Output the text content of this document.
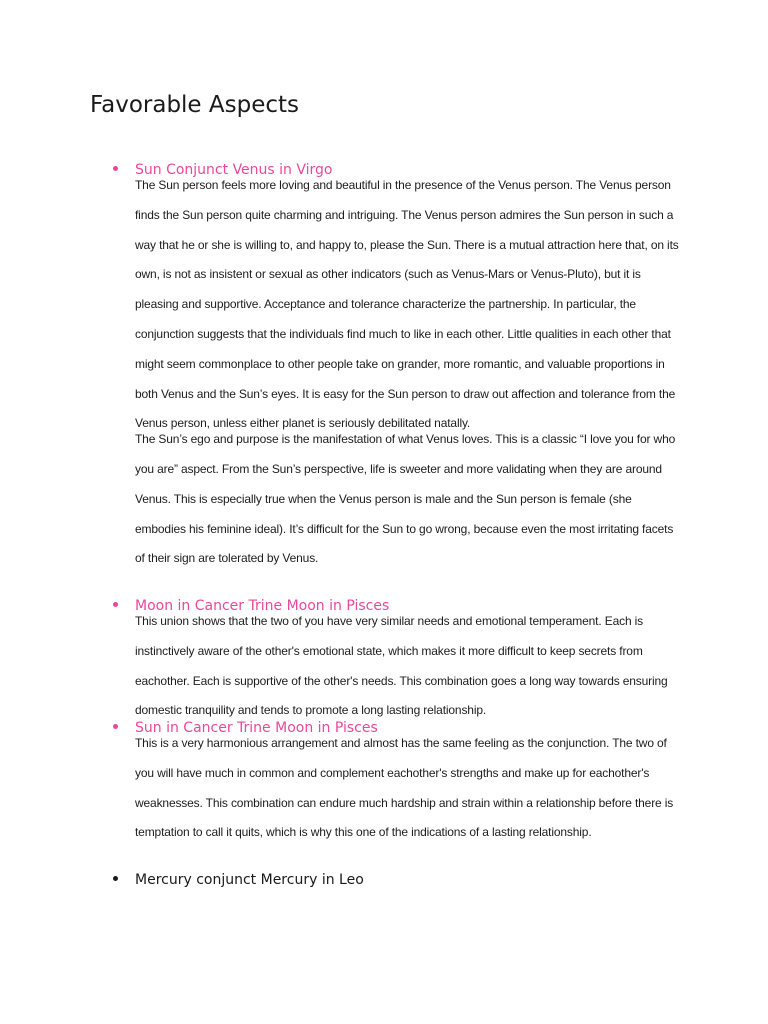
Favorable Aspects
Sun Conjunct Venus in Virgo

The Sun person feels more loving and beautiful in the presence of the Venus person. The Venus person finds the Sun person quite charming and intriguing. The Venus person admires the Sun person in such a way that he or she is willing to, and happy to, please the Sun. There is a mutual attraction here that, on its own, is not as insistent or sexual as other indicators (such as Venus-Mars or Venus-Pluto), but it is pleasing and supportive. Acceptance and tolerance characterize the partnership. In particular, the conjunction suggests that the individuals find much to like in each other. Little qualities in each other that might seem commonplace to other people take on grander, more romantic, and valuable proportions in both Venus and the Sun’s eyes. It is easy for the Sun person to draw out affection and tolerance from the Venus person, unless either planet is seriously debilitated natally.

The Sun’s ego and purpose is the manifestation of what Venus loves. This is a classic “I love you for who you are” aspect. From the Sun’s perspective, life is sweeter and more validating when they are around Venus. This is especially true when the Venus person is male and the Sun person is female (she embodies his feminine ideal). It’s difficult for the Sun to go wrong, because even the most irritating facets of their sign are tolerated by Venus.

Moon in Cancer Trine Moon in Pisces

This union shows that the two of you have very similar needs and emotional temperament. Each is instinctively aware of the other's emotional state, which makes it more difficult to keep secrets from eachother. Each is supportive of the other's needs. This combination goes a long way towards ensuring domestic tranquility and tends to promote a long lasting relationship.

Sun in Cancer Trine Moon in Pisces

This is a very harmonious arrangement and almost has the same feeling as the conjunction. The two of you will have much in common and complement eachother's strengths and make up for eachother's weaknesses. This combination can endure much hardship and strain within a relationship before there is temptation to call it quits, which is why this one of the indications of a lasting relationship.

Mercury conjunct Mercury in Leo
